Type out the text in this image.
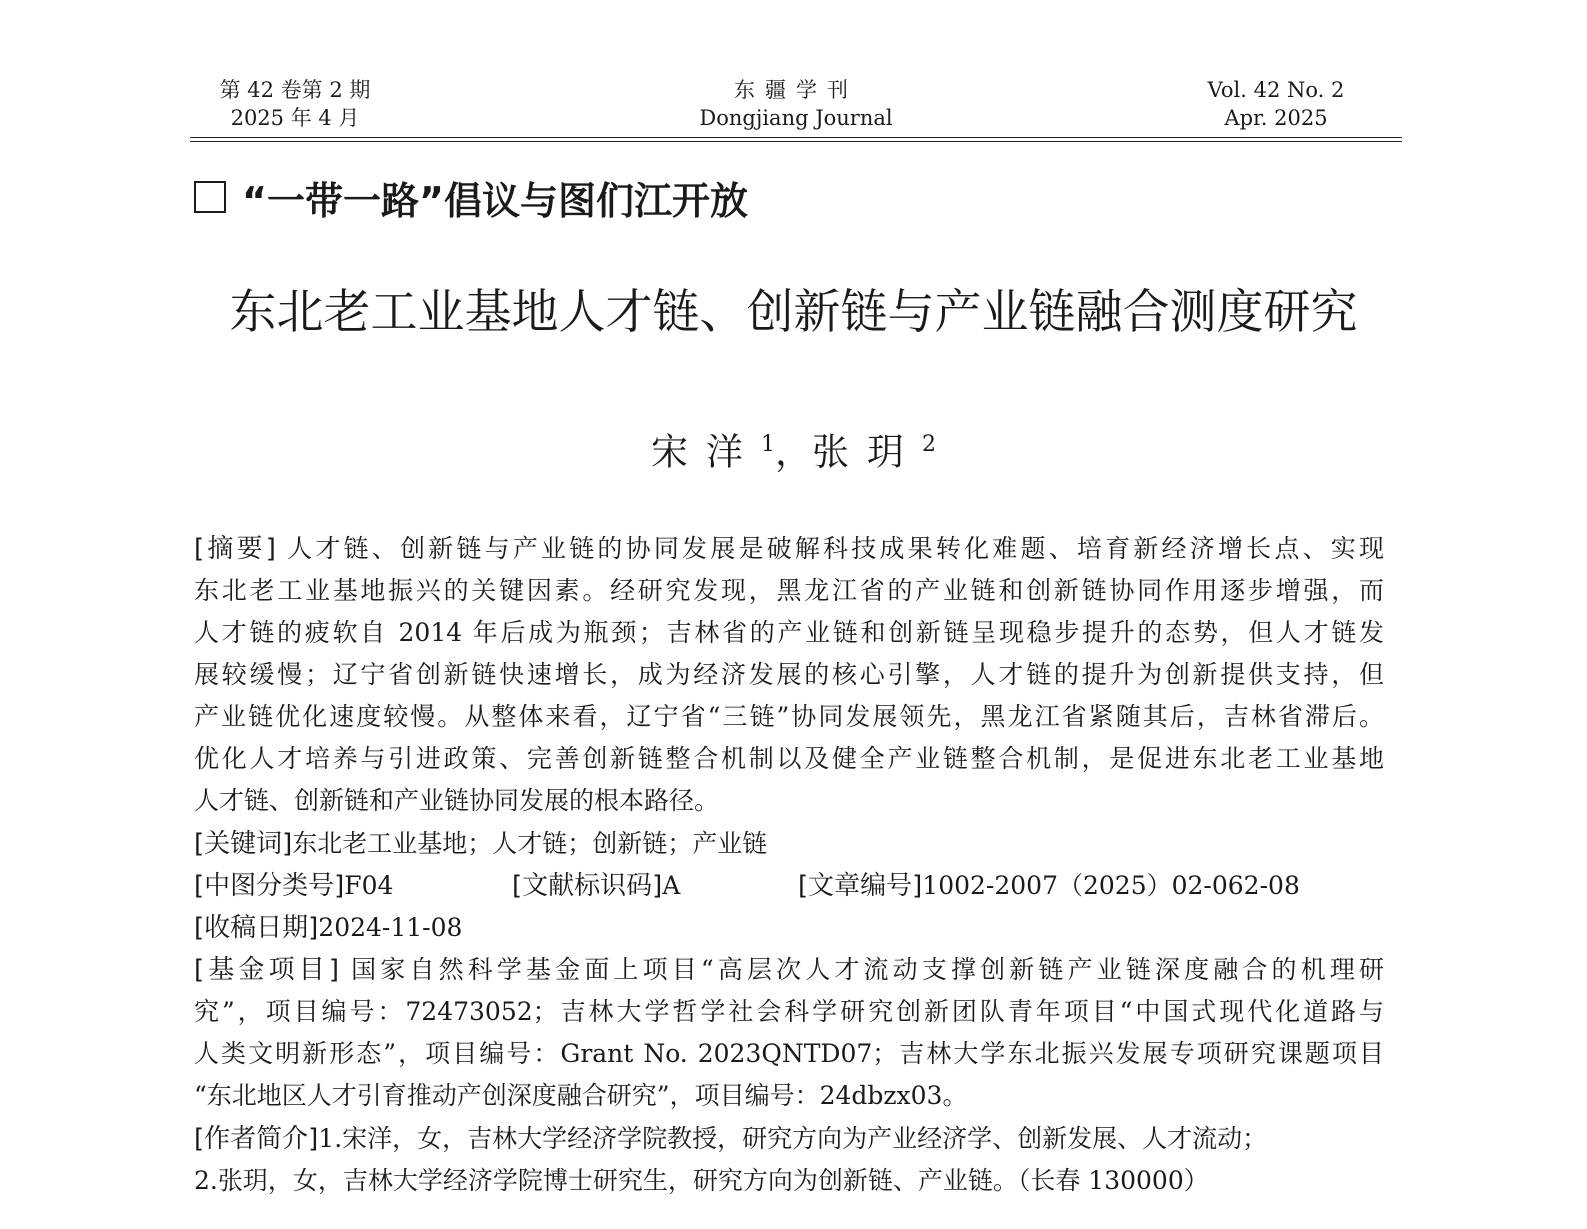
第 42 卷第 2 期
2025 年 4 月
东疆学刊
Dongjiang Journal
Vol. 42 No. 2
Apr. 2025
“一带一路”倡议与图们江开放
东北老工业基地人才链、创新链与产业链融合测度研究
宋洋$^1$，张玥$^2$
[摘要] 人才链、创新链与产业链的协同发展是破解科技成果转化难题、培育新经济增长点、实现
东北老工业基地振兴的关键因素。经研究发现，黑龙江省的产业链和创新链协同作用逐步增强，而
人才链的疲软自 2014 年后成为瓶颈；吉林省的产业链和创新链呈现稳步提升的态势，但人才链发
展较缓慢；辽宁省创新链快速增长，成为经济发展的核心引擎，人才链的提升为创新提供支持，但
产业链优化速度较慢。从整体来看，辽宁省“三链”协同发展领先，黑龙江省紧随其后，吉林省滞后。
优化人才培养与引进政策、完善创新链整合机制以及健全产业链整合机制，是促进东北老工业基地
人才链、创新链和产业链协同发展的根本路径。
[关键词]东北老工业基地；人才链；创新链；产业链
[中图分类号]F04	[文献标识码]A	[文章编号]1002-2007（2025）02-062-08
[收稿日期]2024-11-08
[基金项目] 国家自然科学基金面上项目“高层次人才流动支撑创新链产业链深度融合的机理研
究”，项目编号：72473052；吉林大学哲学社会科学研究创新团队青年项目“中国式现代化道路与
人类文明新形态”，项目编号：Grant No. 2023QNTD07；吉林大学东北振兴发展专项研究课题项目
“东北地区人才引育推动产创深度融合研究”，项目编号：24dbzx03。
[作者简介]1.宋洋，女，吉林大学经济学院教授，研究方向为产业经济学、创新发展、人才流动；
2.张玥，女，吉林大学经济学院博士研究生，研究方向为创新链、产业链。（长春 130000）
